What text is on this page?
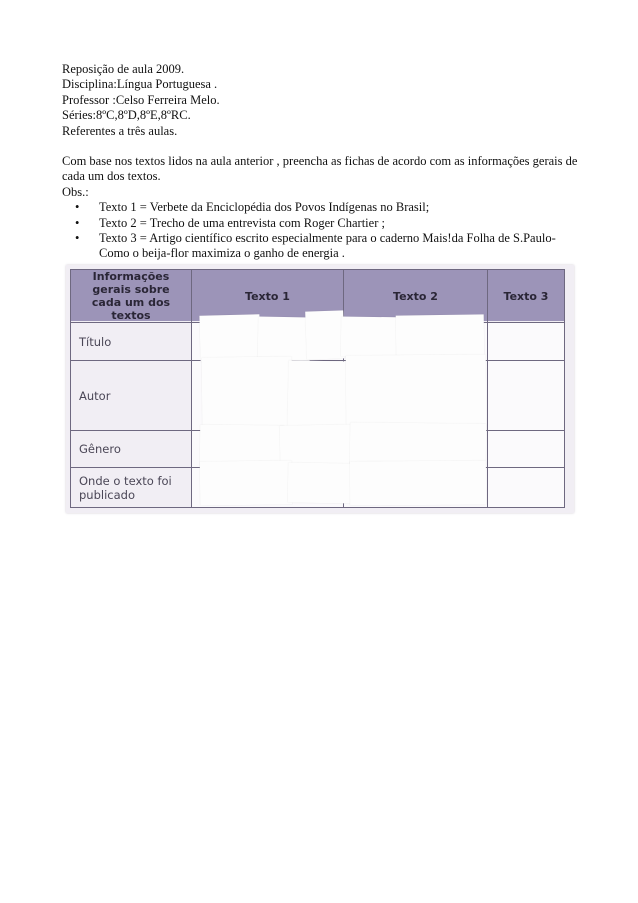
Reposição de aula 2009.

Disciplina:Língua Portuguesa .

Professor :Celso Ferreira Melo.

Séries:8ºC,8ºD,8ºE,8ºRC.

Referentes a três aulas.

Com base nos textos lidos na aula anterior , preencha as fichas de acordo com as informações gerais de cada um dos textos.

Obs.:

• Texto 1 = Verbete da Enciclopédia dos Povos Indígenas no Brasil;
• Texto 2 = Trecho de uma entrevista com Roger Chartier ;
• Texto 3 = Artigo científico escrito especialmente para o caderno Mais!da Folha de S.Paulo- Como o beija-flor maximiza o ganho de energia .
Informações gerais sobre cada um dos textos	Texto 1	Texto 2	Texto 3
Título			
Autor			
Gênero			
Onde o texto foi publicado			
